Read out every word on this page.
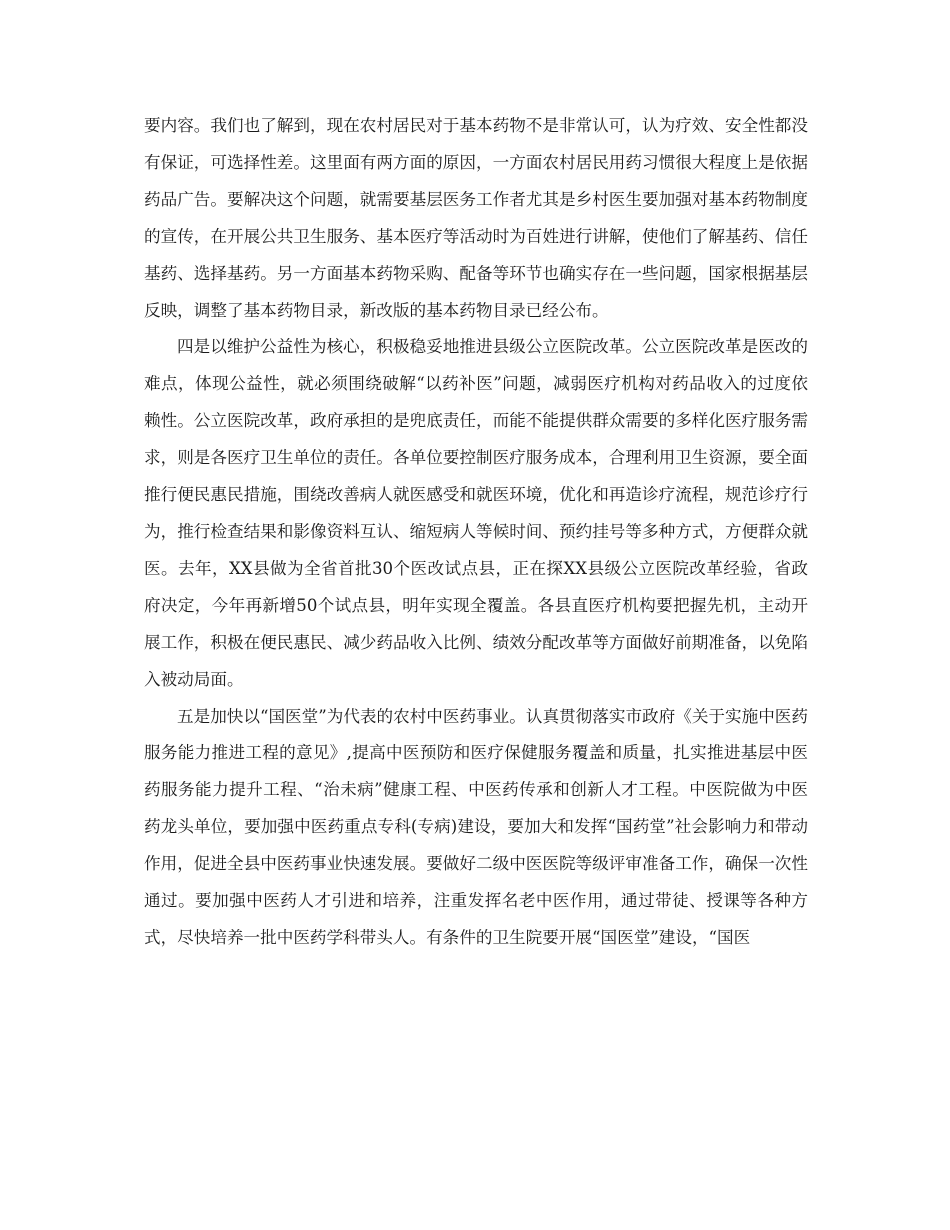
要内容。我们也了解到，现在农村居民对于基本药物不是非常认可，认为疗效、安全性都没有保证，可选择性差。这里面有两方面的原因，一方面农村居民用药习惯很大程度上是依据药品广告。要解决这个问题，就需要基层医务工作者尤其是乡村医生要加强对基本药物制度的宣传，在开展公共卫生服务、基本医疗等活动时为百姓进行讲解，使他们了解基药、信任基药、选择基药。另一方面基本药物采购、配备等环节也确实存在一些问题，国家根据基层反映，调整了基本药物目录，新改版的基本药物目录已经公布。

四是以维护公益性为核心，积极稳妥地推进县级公立医院改革。公立医院改革是医改的难点，体现公益性，就必须围绕破解“以药补医”问题，减弱医疗机构对药品收入的过度依赖性。公立医院改革，政府承担的是兜底责任，而能不能提供群众需要的多样化医疗服务需求，则是各医疗卫生单位的责任。各单位要控制医疗服务成本，合理利用卫生资源，要全面推行便民惠民措施，围绕改善病人就医感受和就医环境，优化和再造诊疗流程，规范诊疗行为，推行检查结果和影像资料互认、缩短病人等候时间、预约挂号等多种方式，方便群众就医。去年，XX县做为全省首批30个医改试点县，正在探XX县级公立医院改革经验，省政府决定，今年再新增50个试点县，明年实现全覆盖。各县直医疗机构要把握先机，主动开展工作，积极在便民惠民、减少药品收入比例、绩效分配改革等方面做好前期准备，以免陷入被动局面。

五是加快以“国医堂”为代表的农村中医药事业。认真贯彻落实市政府《关于实施中医药服务能力推进工程的意见》,提高中医预防和医疗保健服务覆盖和质量，扎实推进基层中医药服务能力提升工程、“治未病”健康工程、中医药传承和创新人才工程。中医院做为中医药龙头单位，要加强中医药重点专科(专病)建设，要加大和发挥“国药堂”社会影响力和带动作用，促进全县中医药事业快速发展。要做好二级中医医院等级评审准备工作，确保一次性通过。要加强中医药人才引进和培养，注重发挥名老中医作用，通过带徒、授课等各种方式，尽快培养一批中医药学科带头人。有条件的卫生院要开展“国医堂”建设，“国医
